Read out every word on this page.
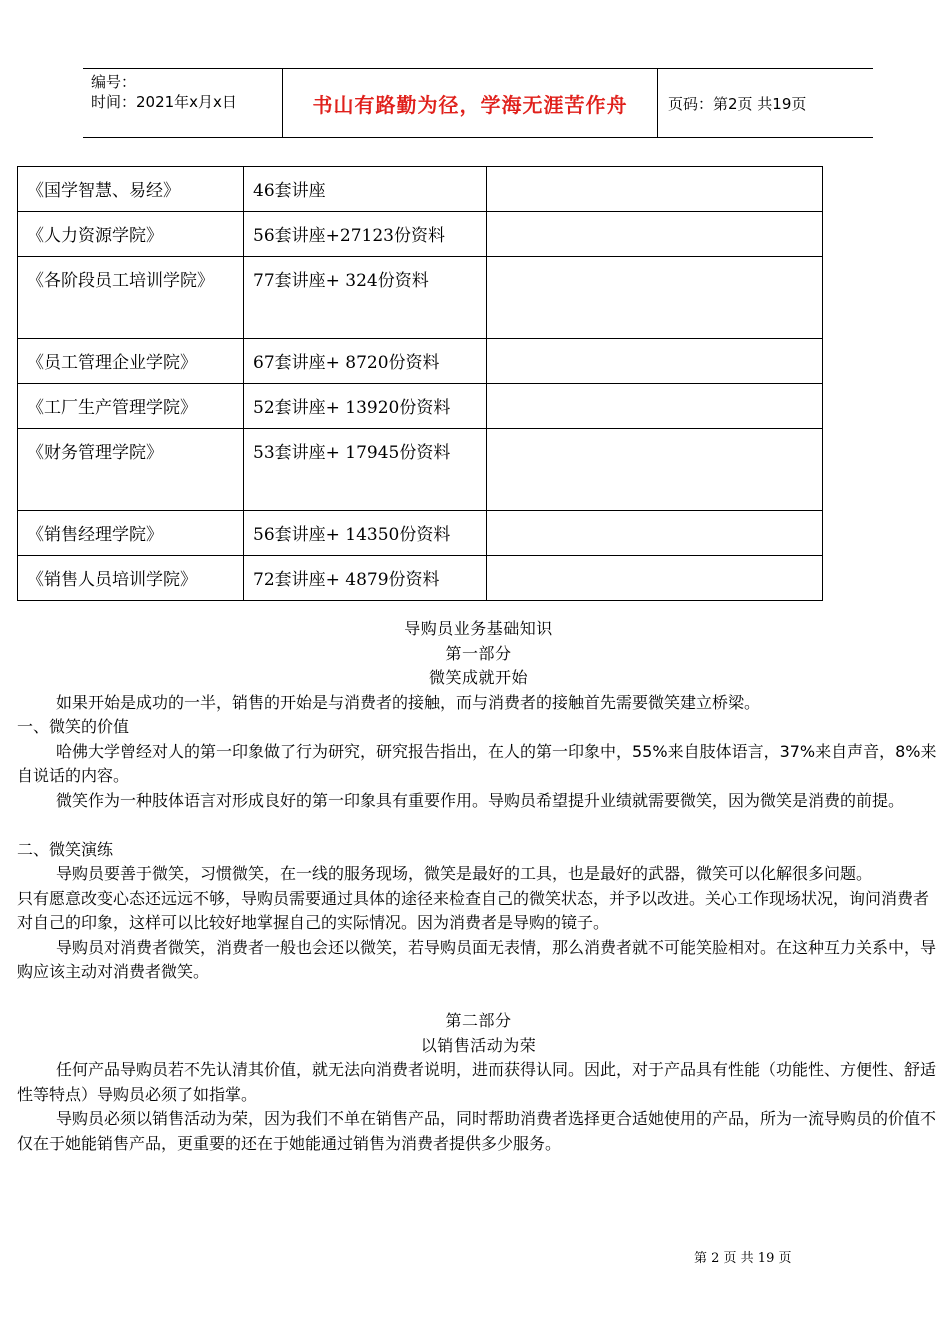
编号：
时间：2021年x月x日	书山有路勤为径，学海无涯苦作舟	页码：第2页 共19页
《国学智慧、易经》	46套讲座	
《人力资源学院》	56套讲座+27123份资料	
《各阶段员工培训学院》	77套讲座+ 324份资料	
《员工管理企业学院》	67套讲座+ 8720份资料	
《工厂生产管理学院》	52套讲座+ 13920份资料	
《财务管理学院》	53套讲座+ 17945份资料	
《销售经理学院》	56套讲座+ 14350份资料	
《销售人员培训学院》	72套讲座+ 4879份资料	

导购员业务基础知识

第一部分

微笑成就开始

如果开始是成功的一半，销售的开始是与消费者的接触，而与消费者的接触首先需要微笑建立桥梁。

一、微笑的价值

哈佛大学曾经对人的第一印象做了行为研究，研究报告指出，在人的第一印象中，55%来自肢体语言，37%来自声音，8%来自说话的内容。

微笑作为一种肢体语言对形成良好的第一印象具有重要作用。导购员希望提升业绩就需要微笑，因为微笑是消费的前提。

二、微笑演练

导购员要善于微笑，习惯微笑，在一线的服务现场，微笑是最好的工具，也是最好的武器，微笑可以化解很多问题。

只有愿意改变心态还远远不够，导购员需要通过具体的途径来检查自己的微笑状态，并予以改进。关心工作现场状况，询问消费者对自己的印象，这样可以比较好地掌握自己的实际情况。因为消费者是导购的镜子。

导购员对消费者微笑，消费者一般也会还以微笑，若导购员面无表情，那么消费者就不可能笑脸相对。在这种互力关系中，导购应该主动对消费者微笑。

第二部分

以销售活动为荣

任何产品导购员若不先认清其价值，就无法向消费者说明，进而获得认同。因此，对于产品具有性能（功能性、方便性、舒适性等特点）导购员必须了如指掌。

导购员必须以销售活动为荣，因为我们不单在销售产品，同时帮助消费者选择更合适她使用的产品，所为一流导购员的价值不仅在于她能销售产品，更重要的还在于她能通过销售为消费者提供多少服务。

第 2 页 共 19 页
